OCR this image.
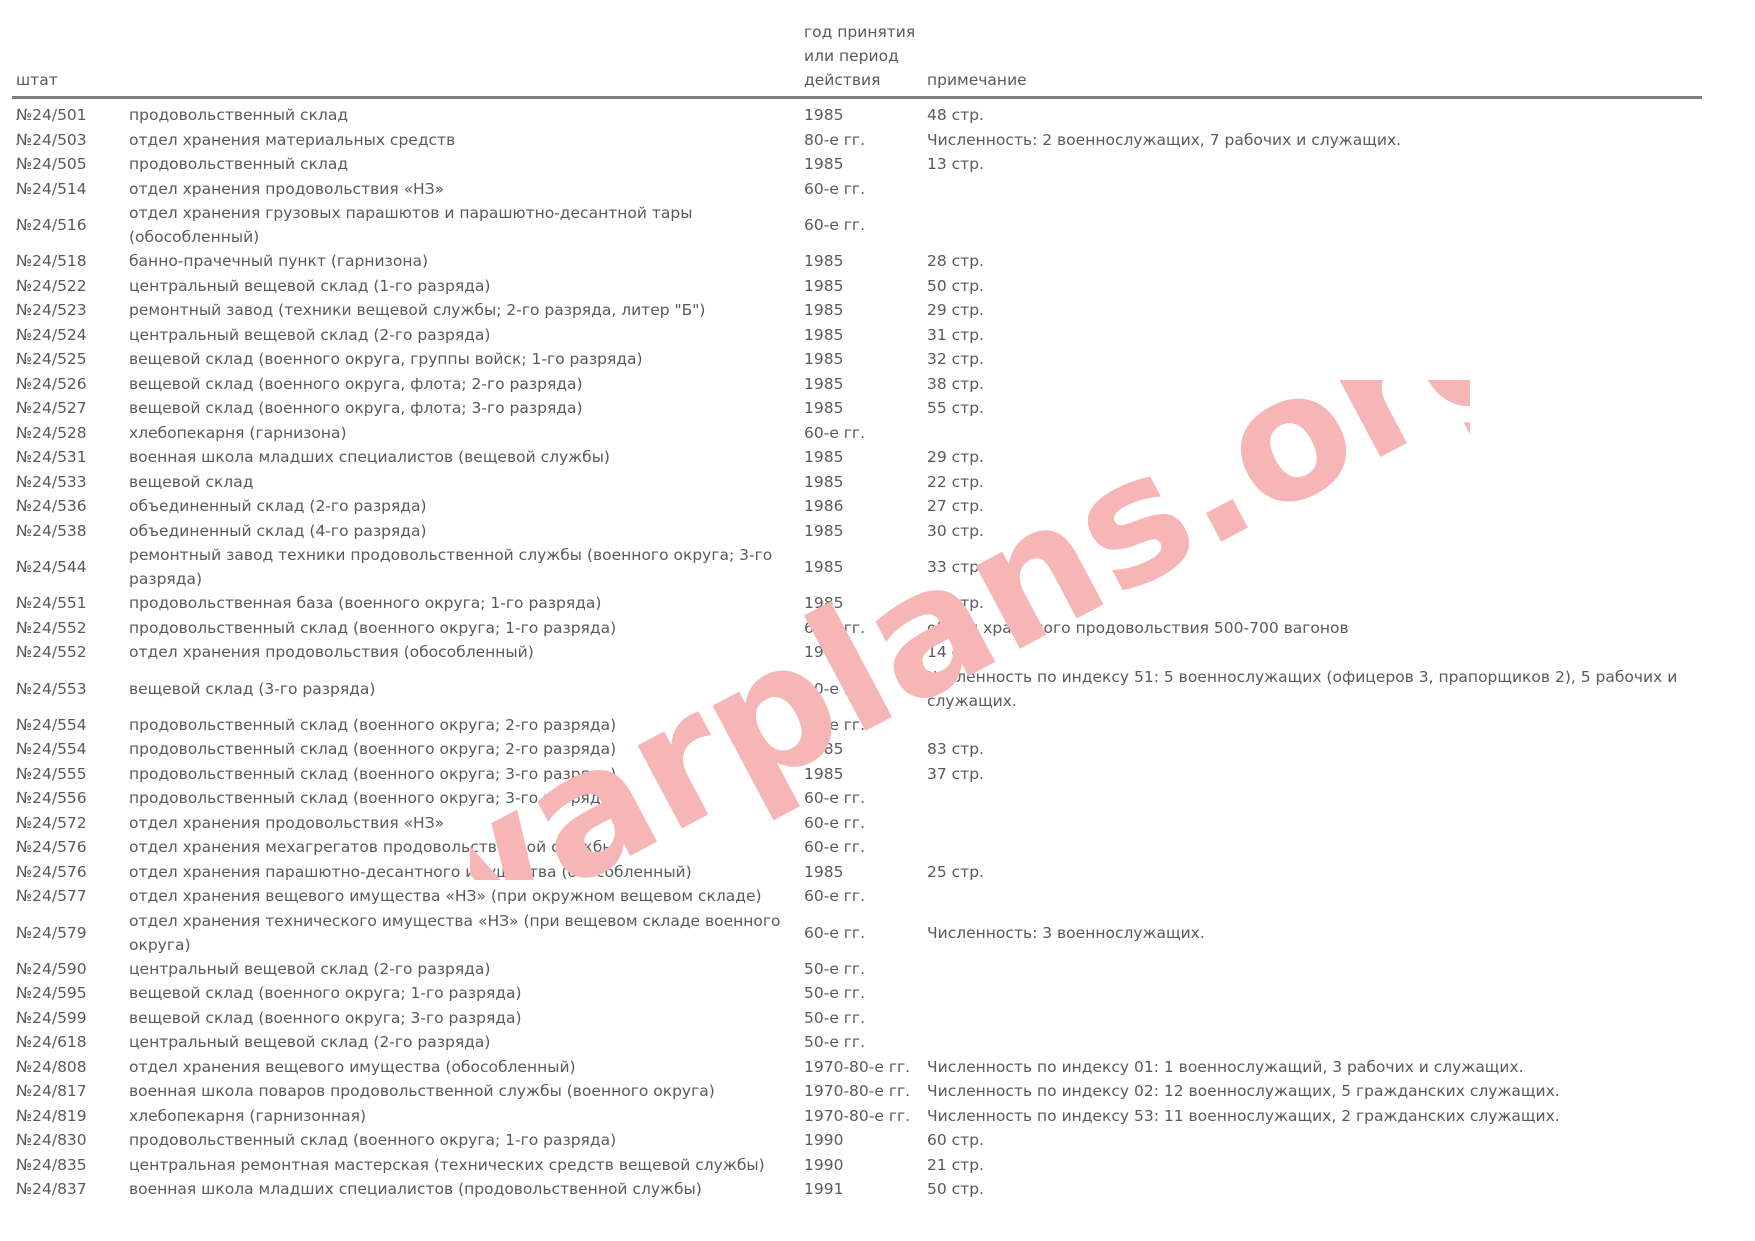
штат		год принятия или период действия	примечание
№24/501	продовольственный склад	1985	48 стр.
№24/503	отдел хранения материальных средств	80-е гг.	Численность: 2 военнослужащих, 7 рабочих и служащих.
№24/505	продовольственный склад	1985	13 стр.
№24/514	отдел хранения продовольствия «НЗ»	60-е гг.	
№24/516	отдел хранения грузовых парашютов и парашютно-десантной тары (обособленный)	60-е гг.	
№24/518	банно-прачечный пункт (гарнизона)	1985	28 стр.
№24/522	центральный вещевой склад (1-го разряда)	1985	50 стр.
№24/523	ремонтный завод (техники вещевой службы; 2-го разряда, литер "Б")	1985	29 стр.
№24/524	центральный вещевой склад (2-го разряда)	1985	31 стр.
№24/525	вещевой склад (военного округа, группы войск; 1-го разряда)	1985	32 стр.
№24/526	вещевой склад (военного округа, флота; 2-го разряда)	1985	38 стр.
№24/527	вещевой склад (военного округа, флота; 3-го разряда)	1985	55 стр.
№24/528	хлебопекарня (гарнизона)	60-е гг.	
№24/531	военная школа младших специалистов (вещевой службы)	1985	29 стр.
№24/533	вещевой склад	1985	22 стр.
№24/536	объединенный склад (2-го разряда)	1986	27 стр.
№24/538	объединенный склад (4-го разряда)	1985	30 стр.
№24/544	ремонтный завод техники продовольственной службы (военного округа; 3-го разряда)	1985	33 стр.
№24/551	продовольственная база (военного округа; 1-го разряда)	1985	60 стр.
№24/552	продовольственный склад (военного округа; 1-го разряда)	60-е гг.	объем хранимого продовольствия 500-700 вагонов
№24/552	отдел хранения продовольствия (обособленный)	1985	14 стр.
№24/553	вещевой склад (3-го разряда)	80-е гг.	Численность по индексу 51: 5 военнослужащих (офицеров 3, прапорщиков 2), 5 рабочих и служащих.
№24/554	продовольственный склад (военного округа; 2-го разряда)	60-е гг.	
№24/554	продовольственный склад (военного округа; 2-го разряда)	1985	83 стр.
№24/555	продовольственный склад (военного округа; 3-го разряда)	1985	37 стр.
№24/556	продовольственный склад (военного округа; 3-го разряда)	60-е гг.	
№24/572	отдел хранения продовольствия «НЗ»	60-е гг.	
№24/576	отдел хранения мехагрегатов продовольственной службы	60-е гг.	
№24/576	отдел хранения парашютно-десантного имущества (обособленный)	1985	25 стр.
№24/577	отдел хранения вещевого имущества «НЗ» (при окружном вещевом складе)	60-е гг.	
№24/579	отдел хранения технического имущества «НЗ» (при вещевом складе военного округа)	60-е гг.	Численность: 3 военнослужащих.
№24/590	центральный вещевой склад (2-го разряда)	50-е гг.	
№24/595	вещевой склад (военного округа; 1-го разряда)	50-е гг.	
№24/599	вещевой склад (военного округа; 3-го разряда)	50-е гг.	
№24/618	центральный вещевой склад (2-го разряда)	50-е гг.	
№24/808	отдел хранения вещевого имущества (обособленный)	1970-80-е гг.	Численность по индексу 01: 1 военнослужащий, 3 рабочих и служащих.
№24/817	военная школа поваров продовольственной службы (военного округа)	1970-80-е гг.	Численность по индексу 02: 12 военнослужащих, 5 гражданских служащих.
№24/819	хлебопекарня (гарнизонная)	1970-80-е гг.	Численность по индексу 53: 11 военнослужащих, 2 гражданских служащих.
№24/830	продовольственный склад (военного округа; 1-го разряда)	1990	60 стр.
№24/835	центральная ремонтная мастерская (технических средств вещевой службы)	1990	21 стр.
№24/837	военная школа младших специалистов (продовольственной службы)	1991	50 стр.
warplans.org
